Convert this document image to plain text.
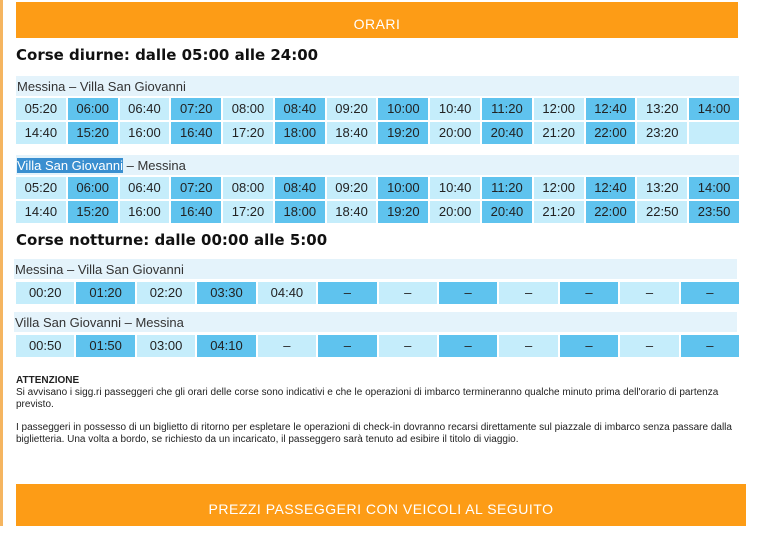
ORARI
Corse diurne: dalle 05:00 alle 24:00
Messina – Villa San Giovanni
05:20	06:00	06:40	07:20	08:00	08:40	09:20	10:00	10:40	11:20	12:00	12:40	13:20	14:00
14:40	15:20	16:00	16:40	17:20	18:00	18:40	19:20	20:00	20:40	21:20	22:00	23:20
Villa San Giovanni – Messina
05:20	06:00	06:40	07:20	08:00	08:40	09:20	10:00	10:40	11:20	12:00	12:40	13:20	14:00
14:40	15:20	16:00	16:40	17:20	18:00	18:40	19:20	20:00	20:40	21:20	22:00	22:50	23:50
Corse notturne: dalle 00:00 alle 5:00
Messina – Villa San Giovanni
00:20	01:20	02:20	03:30	04:40	–	–	–	–	–	–	–
Villa San Giovanni – Messina
00:50	01:50	03:00	04:10	–	–	–	–	–	–	–	–
ATTENZIONE
Si avvisano i sigg.ri passeggeri che gli orari delle corse sono indicativi e che le operazioni di imbarco termineranno qualche minuto prima dell'orario di partenza previsto.
I passeggeri in possesso di un biglietto di ritorno per espletare le operazioni di check-in dovranno recarsi direttamente sul piazzale di imbarco senza passare dalla biglietteria. Una volta a bordo, se richiesto da un incaricato, il passeggero sarà tenuto ad esibire il titolo di viaggio.
PREZZI PASSEGGERI CON VEICOLI AL SEGUITO
